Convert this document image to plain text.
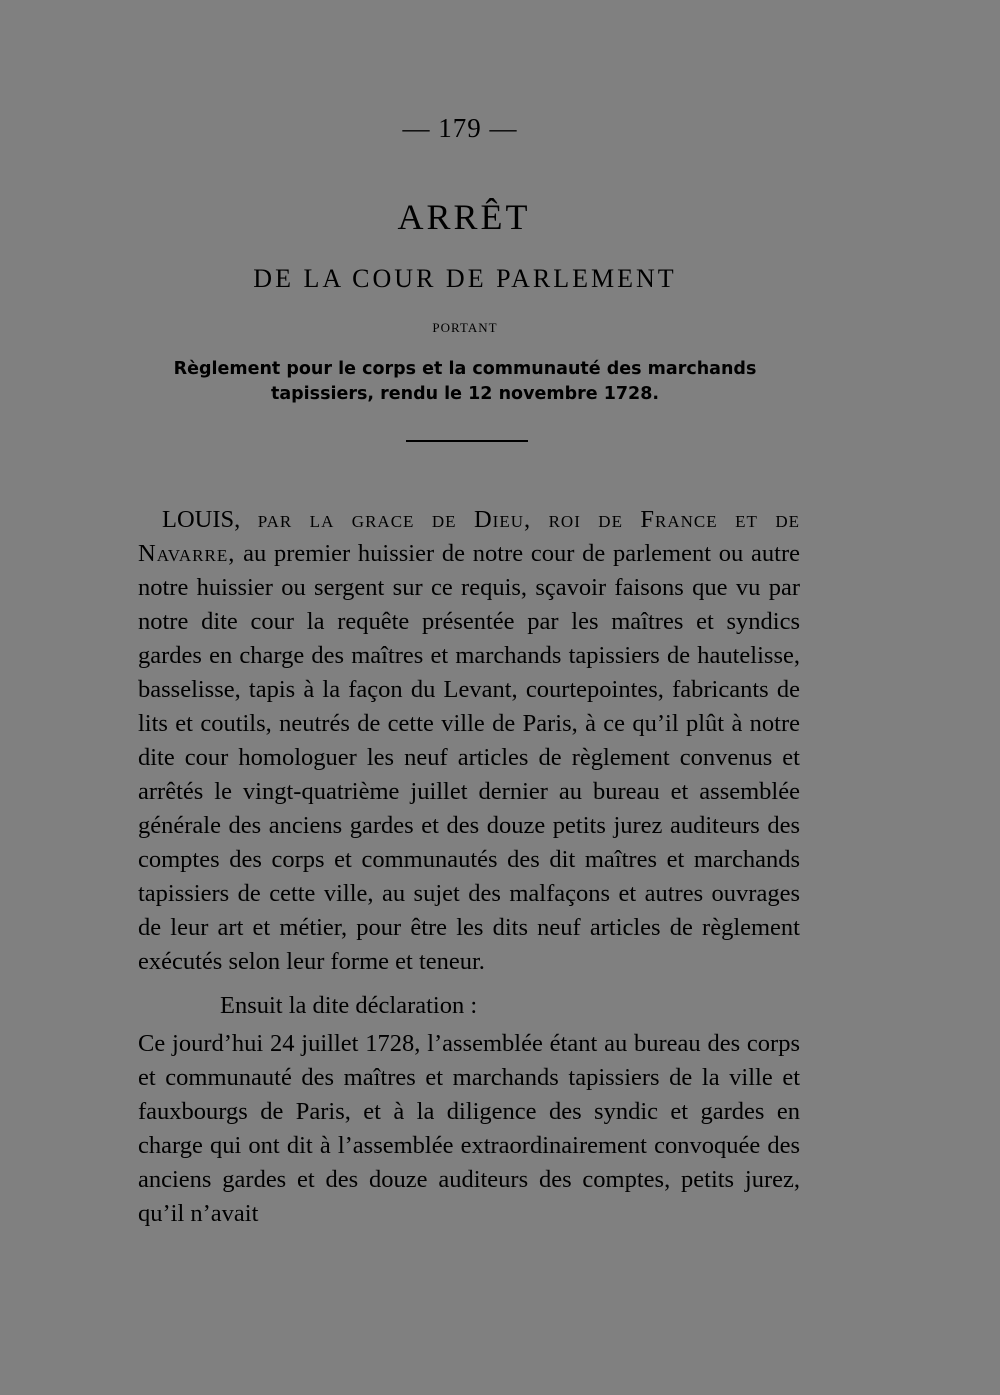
— 179 —
ARRÊT
DE LA COUR DE PARLEMENT
PORTANT
Règlement pour le corps et la communauté des marchands tapissiers, rendu le 12 novembre 1728.

LOUIS, par la grace de Dieu, roi de France et de Navarre, au premier huissier de notre cour de parlement ou autre notre huissier ou sergent sur ce requis, sçavoir faisons que vu par notre dite cour la requête présentée par les maîtres et syndics gardes en charge des maîtres et marchands tapissiers de hautelisse, basselisse, tapis à la façon du Levant, courtepointes, fabricants de lits et coutils, neutrés de cette ville de Paris, à ce qu’il plût à notre dite cour homologuer les neuf articles de règlement convenus et arrêtés le vingt-quatrième juillet dernier au bureau et assemblée générale des anciens gardes et des douze petits jurez auditeurs des comptes des corps et communautés des dit maîtres et marchands tapissiers de cette ville, au sujet des malfaçons et autres ouvrages de leur art et métier, pour être les dits neuf articles de règlement exécutés selon leur forme et teneur.

Ensuit la dite déclaration :

Ce jourd’hui 24 juillet 1728, l’assemblée étant au bureau des corps et communauté des maîtres et marchands tapissiers de la ville et fauxbourgs de Paris, et à la diligence des syndic et gardes en charge qui ont dit à l’assemblée extraordinairement convoquée des anciens gardes et des douze auditeurs des comptes, petits jurez, qu’il n’avait
